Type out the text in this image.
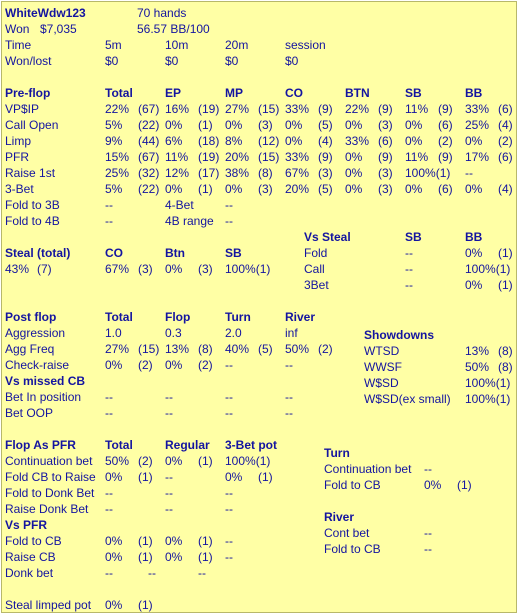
WhiteWdw123	70 hands
Won $7,035	56.57 BB/100
Time	5m	10m	20m	session
Won/lost	$0	$0	$0	$0
Pre-flop	Total	EP	MP	CO	BTN	SB	BB
VP$IP	22% (67) 16% (19) 27% (15) 33% (9) 22% (9) 11% (9) 33% (6)
Call Open	5% (22) 0% (1) 0% (3) 0% (5) 0% (3) 0% (6) 25% (4)
Limp	9% (44) 6% (18) 8% (12) 0% (4) 33% (6) 0% (2) 0% (2)
PFR	15% (67) 11% (19) 20% (15) 33% (9) 0% (9) 11% (9) 17% (6)
Raise 1st	25% (32) 12% (17) 38% (8) 67% (3) 0% (3) 100%(1) --
3-Bet	5% (22) 0% (1) 0% (3) 20% (5) 0% (3) 0% (6) 0% (4)
Fold to 3B	--	4-Bet	--
Fold to 4B	--	4B range --
Steal (total)	CO	Btn	SB
43% (7)	67% (3) 0% (3) 100%(1)
Vs Steal	SB	BB
Fold	--	0% (1)
Call	--	100%(1)
3Bet	--	0% (1)
Post flop	Total	Flop	Turn	River
Aggression	1.0	0.3	2.0	inf
Agg Freq	27% (15) 13% (8) 40% (5) 50% (2)
Check-raise	0% (2) 0% (2) --	--
Vs missed CB
Bet In position --	--	--	--
Bet OOP	--	--	--	--
Showdowns
WTSD	13% (8)
WWSF	50% (8)
W$SD	100%(1)
W$SD(ex small) 100%(1)
Flop As PFR Total	Regular 3-Bet pot
Continuation bet 50% (2) 0% (1) 100%(1)
Fold CB to Raise 0% (1) --	0% (1)
Fold to Donk Bet --	--	--
Raise Donk Bet --	--	--
Vs PFR
Fold to CB	0% (1) 0% (1) --
Raise CB	0% (1) 0% (1) --
Donk bet	--	--	--
Turn
Continuation bet --
Fold to CB	0% (1)
River
Cont bet	--
Fold to CB	--
Steal limped pot 0% (1)
